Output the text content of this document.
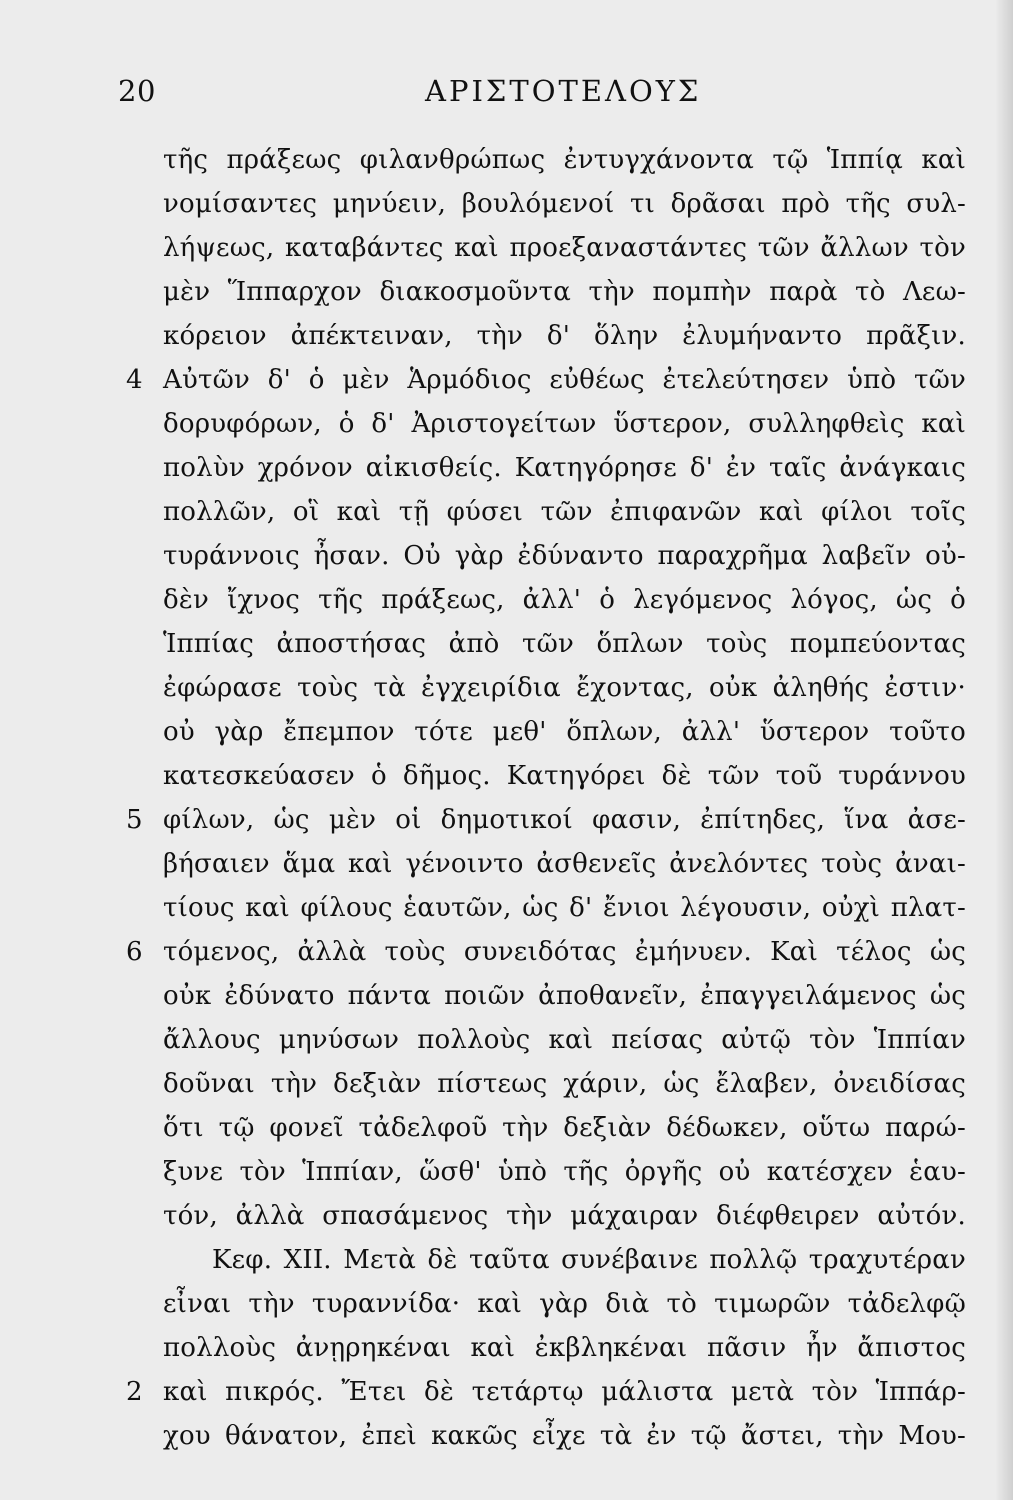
20	ΑΡΙΣΤΟΤΕΛΟΥΣ
τῆς πράξεως φιλανθρώπως ἐντυγχάνοντα τῷ Ἱππίᾳ καὶ
νομίσαντες μηνύειν, βουλόμενοί τι δρᾶσαι πρὸ τῆς συλ-
λήψεως, καταβάντες καὶ προεξαναστάντες τῶν ἄλλων τὸν
μὲν Ἵππαρχον διακοσμοῦντα τὴν πομπὴν παρὰ τὸ Λεω-
κόρειον ἀπέκτειναν, τὴν δ' ὅλην ἐλυμήναντο πρᾶξιν.
4 Αὐτῶν δ' ὁ μὲν Ἁρμόδιος εὐθέως ἐτελεύτησεν ὑπὸ τῶν
δορυφόρων, ὁ δ' Ἀριστογείτων ὕστερον, συλληφθεὶς καὶ
πολὺν χρόνον αἰκισθείς. Κατηγόρησε δ' ἐν ταῖς ἀνάγκαις
πολλῶν, οἳ καὶ τῇ φύσει τῶν ἐπιφανῶν καὶ φίλοι τοῖς
τυράννοις ἦσαν. Οὐ γὰρ ἐδύναντο παραχρῆμα λαβεῖν οὐ-
δὲν ἴχνος τῆς πράξεως, ἀλλ' ὁ λεγόμενος λόγος, ὡς ὁ
Ἱππίας ἀποστήσας ἀπὸ τῶν ὅπλων τοὺς πομπεύοντας
ἐφώρασε τοὺς τὰ ἐγχειρίδια ἔχοντας, οὐκ ἀληθής ἐστιν·
οὐ γὰρ ἔπεμπον τότε μεθ' ὅπλων, ἀλλ' ὕστερον τοῦτο
κατεσκεύασεν ὁ δῆμος. Κατηγόρει δὲ τῶν τοῦ τυράννου
5 φίλων, ὡς μὲν οἱ δημοτικοί φασιν, ἐπίτηδες, ἵνα ἀσε-
βήσαιεν ἅμα καὶ γένοιντο ἀσθενεῖς ἀνελόντες τοὺς ἀναι-
τίους καὶ φίλους ἑαυτῶν, ὡς δ' ἔνιοι λέγουσιν, οὐχὶ πλατ-
6 τόμενος, ἀλλὰ τοὺς συνειδότας ἐμήνυεν. Καὶ τέλος ὡς
οὐκ ἐδύνατο πάντα ποιῶν ἀποθανεῖν, ἐπαγγειλάμενος ὡς
ἄλλους μηνύσων πολλοὺς καὶ πείσας αὐτῷ τὸν Ἱππίαν
δοῦναι τὴν δεξιὰν πίστεως χάριν, ὡς ἔλαβεν, ὀνειδίσας
ὅτι τῷ φονεῖ τἀδελφοῦ τὴν δεξιὰν δέδωκεν, οὕτω παρώ-
ξυνε τὸν Ἱππίαν, ὥσθ' ὑπὸ τῆς ὀργῆς οὐ κατέσχεν ἑαυ-
τόν, ἀλλὰ σπασάμενος τὴν μάχαιραν διέφθειρεν αὐτόν.
Κεφ. XII. Μετὰ δὲ ταῦτα συνέβαινε πολλῷ τραχυτέραν
εἶναι τὴν τυραννίδα· καὶ γὰρ διὰ τὸ τιμωρῶν τἀδελφῷ
πολλοὺς ἀνῃρηκέναι καὶ ἐκβληκέναι πᾶσιν ἦν ἄπιστος
2 καὶ πικρός. Ἔτει δὲ τετάρτῳ μάλιστα μετὰ τὸν Ἱππάρ-
χου θάνατον, ἐπεὶ κακῶς εἶχε τὰ ἐν τῷ ἄστει, τὴν Μου-
